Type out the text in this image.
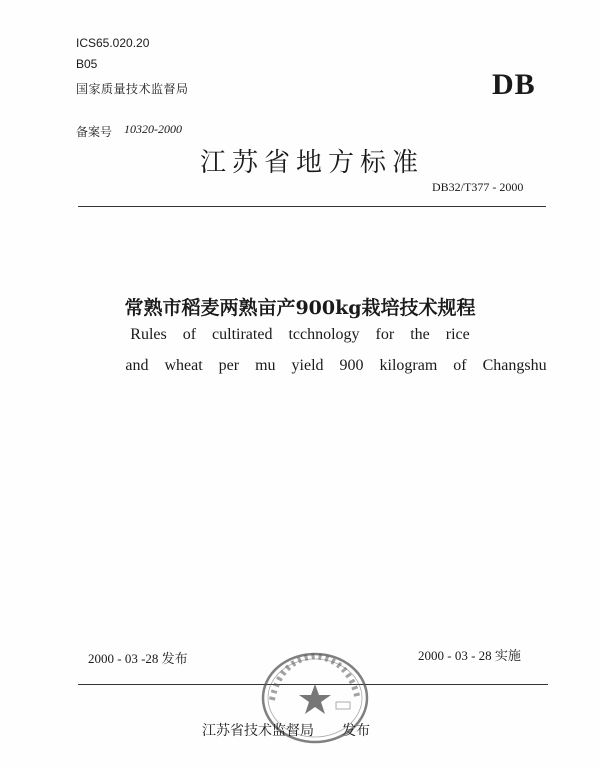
ICS65.020.20
B05
国家质量技术监督局	DB
备案号 10320-2000
江苏省地方标准
DB32/T377 - 2000
常熟市稻麦两熟亩产900kg栽培技术规程
Rules of cultirated tcchnology for the rice
and wheat per mu yield 900 kilogram of Changshu
2000 - 03 -28 发布	2000 - 03 - 28 实施
江苏省技术监督局　　发布
